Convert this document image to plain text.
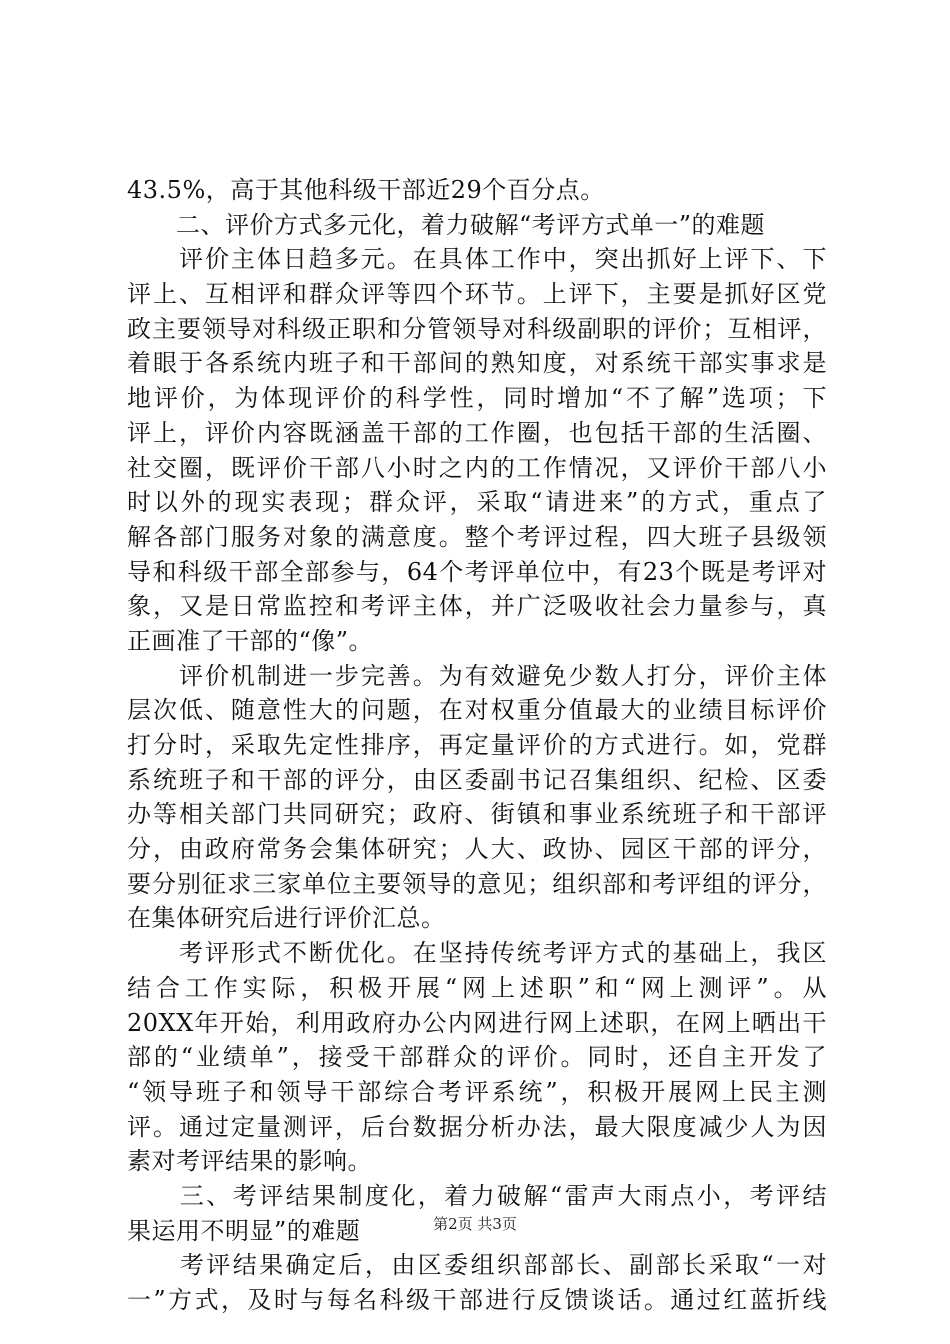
43.5%，高于其他科级干部近29个百分点。
　　二、评价方式多元化，着力破解“考评方式单一”的难题
　　评价主体日趋多元。在具体工作中，突出抓好上评下、下
评上、互相评和群众评等四个环节。上评下，主要是抓好区党
政主要领导对科级正职和分管领导对科级副职的评价；互相评，
着眼于各系统内班子和干部间的熟知度，对系统干部实事求是
地评价，为体现评价的科学性，同时增加“不了解”选项；下
评上，评价内容既涵盖干部的工作圈，也包括干部的生活圈、
社交圈，既评价干部八小时之内的工作情况，又评价干部八小
时以外的现实表现；群众评，采取“请进来”的方式，重点了
解各部门服务对象的满意度。整个考评过程，四大班子县级领
导和科级干部全部参与，64个考评单位中，有23个既是考评对
象，又是日常监控和考评主体，并广泛吸收社会力量参与，真
正画准了干部的“像”。
　　评价机制进一步完善。为有效避免少数人打分，评价主体
层次低、随意性大的问题，在对权重分值最大的业绩目标评价
打分时，采取先定性排序，再定量评价的方式进行。如，党群
系统班子和干部的评分，由区委副书记召集组织、纪检、区委
办等相关部门共同研究；政府、街镇和事业系统班子和干部评
分，由政府常务会集体研究；人大、政协、园区干部的评分，
要分别征求三家单位主要领导的意见；组织部和考评组的评分，
在集体研究后进行评价汇总。
　　考评形式不断优化。在坚持传统考评方式的基础上，我区
结合工作实际，积极开展“网上述职”和“网上测评”。从
20XX年开始，利用政府办公内网进行网上述职，在网上晒出干
部的“业绩单”，接受干部群众的评价。同时，还自主开发了
“领导班子和领导干部综合考评系统”，积极开展网上民主测
评。通过定量测评，后台数据分析办法，最大限度减少人为因
素对考评结果的影响。
　　三、考评结果制度化，着力破解“雷声大雨点小，考评结
果运用不明显”的难题
　　考评结果确定后，由区委组织部部长、副部长采取“一对
一”方式，及时与每名科级干部进行反馈谈话。通过红蓝折线
第2页 共3页
